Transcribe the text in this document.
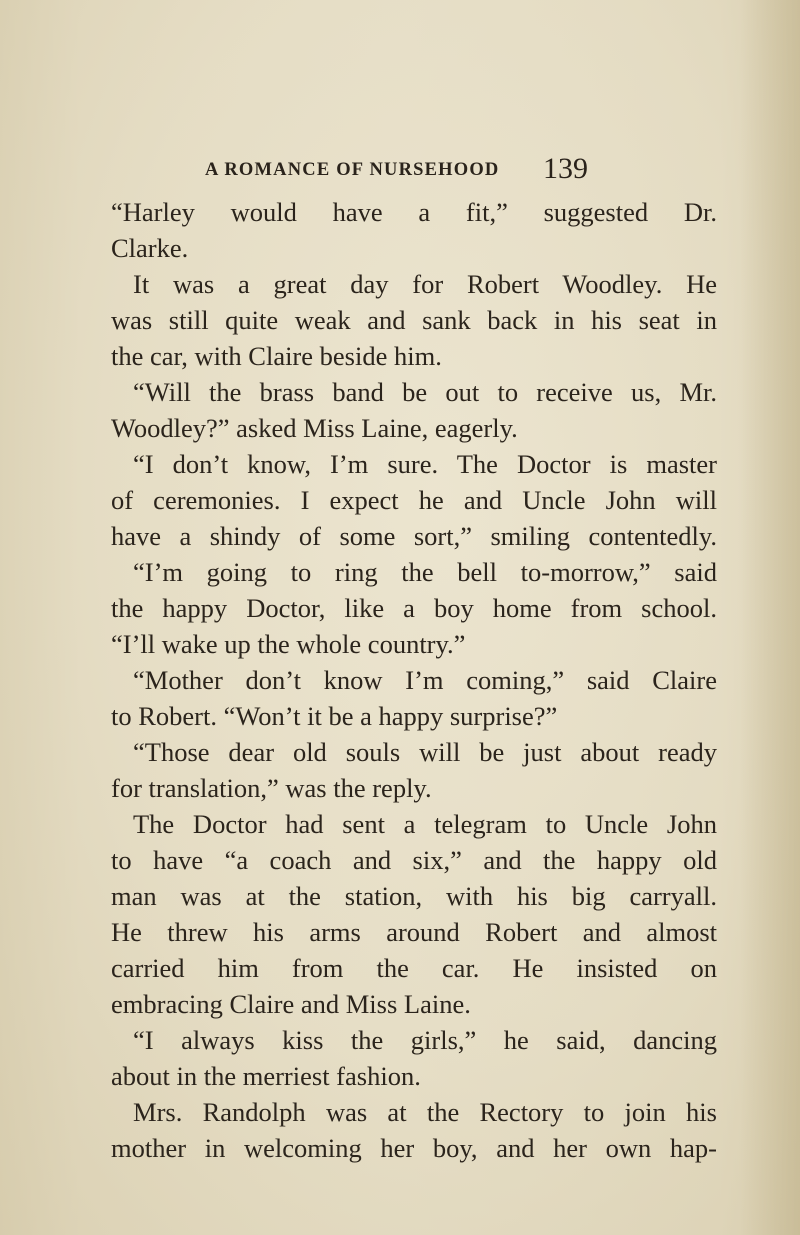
A ROMANCE OF NURSEHOOD 139
“Harley would have a fit,” suggested Dr.
Clarke.
It was a great day for Robert Woodley. He
was still quite weak and sank back in his seat in
the car, with Claire beside him.
“Will the brass band be out to receive us, Mr.
Woodley?” asked Miss Laine, eagerly.
“I don’t know, I’m sure. The Doctor is master
of ceremonies. I expect he and Uncle John will
have a shindy of some sort,” smiling contentedly.
“I’m going to ring the bell to-morrow,” said
the happy Doctor, like a boy home from school.
“I’ll wake up the whole country.”
“Mother don’t know I’m coming,” said Claire
to Robert. “Won’t it be a happy surprise?”
“Those dear old souls will be just about ready
for translation,” was the reply.
The Doctor had sent a telegram to Uncle John
to have “a coach and six,” and the happy old
man was at the station, with his big carryall.
He threw his arms around Robert and almost
carried him from the car. He insisted on
embracing Claire and Miss Laine.
“I always kiss the girls,” he said, dancing
about in the merriest fashion.
Mrs. Randolph was at the Rectory to join his
mother in welcoming her boy, and her own hap-
